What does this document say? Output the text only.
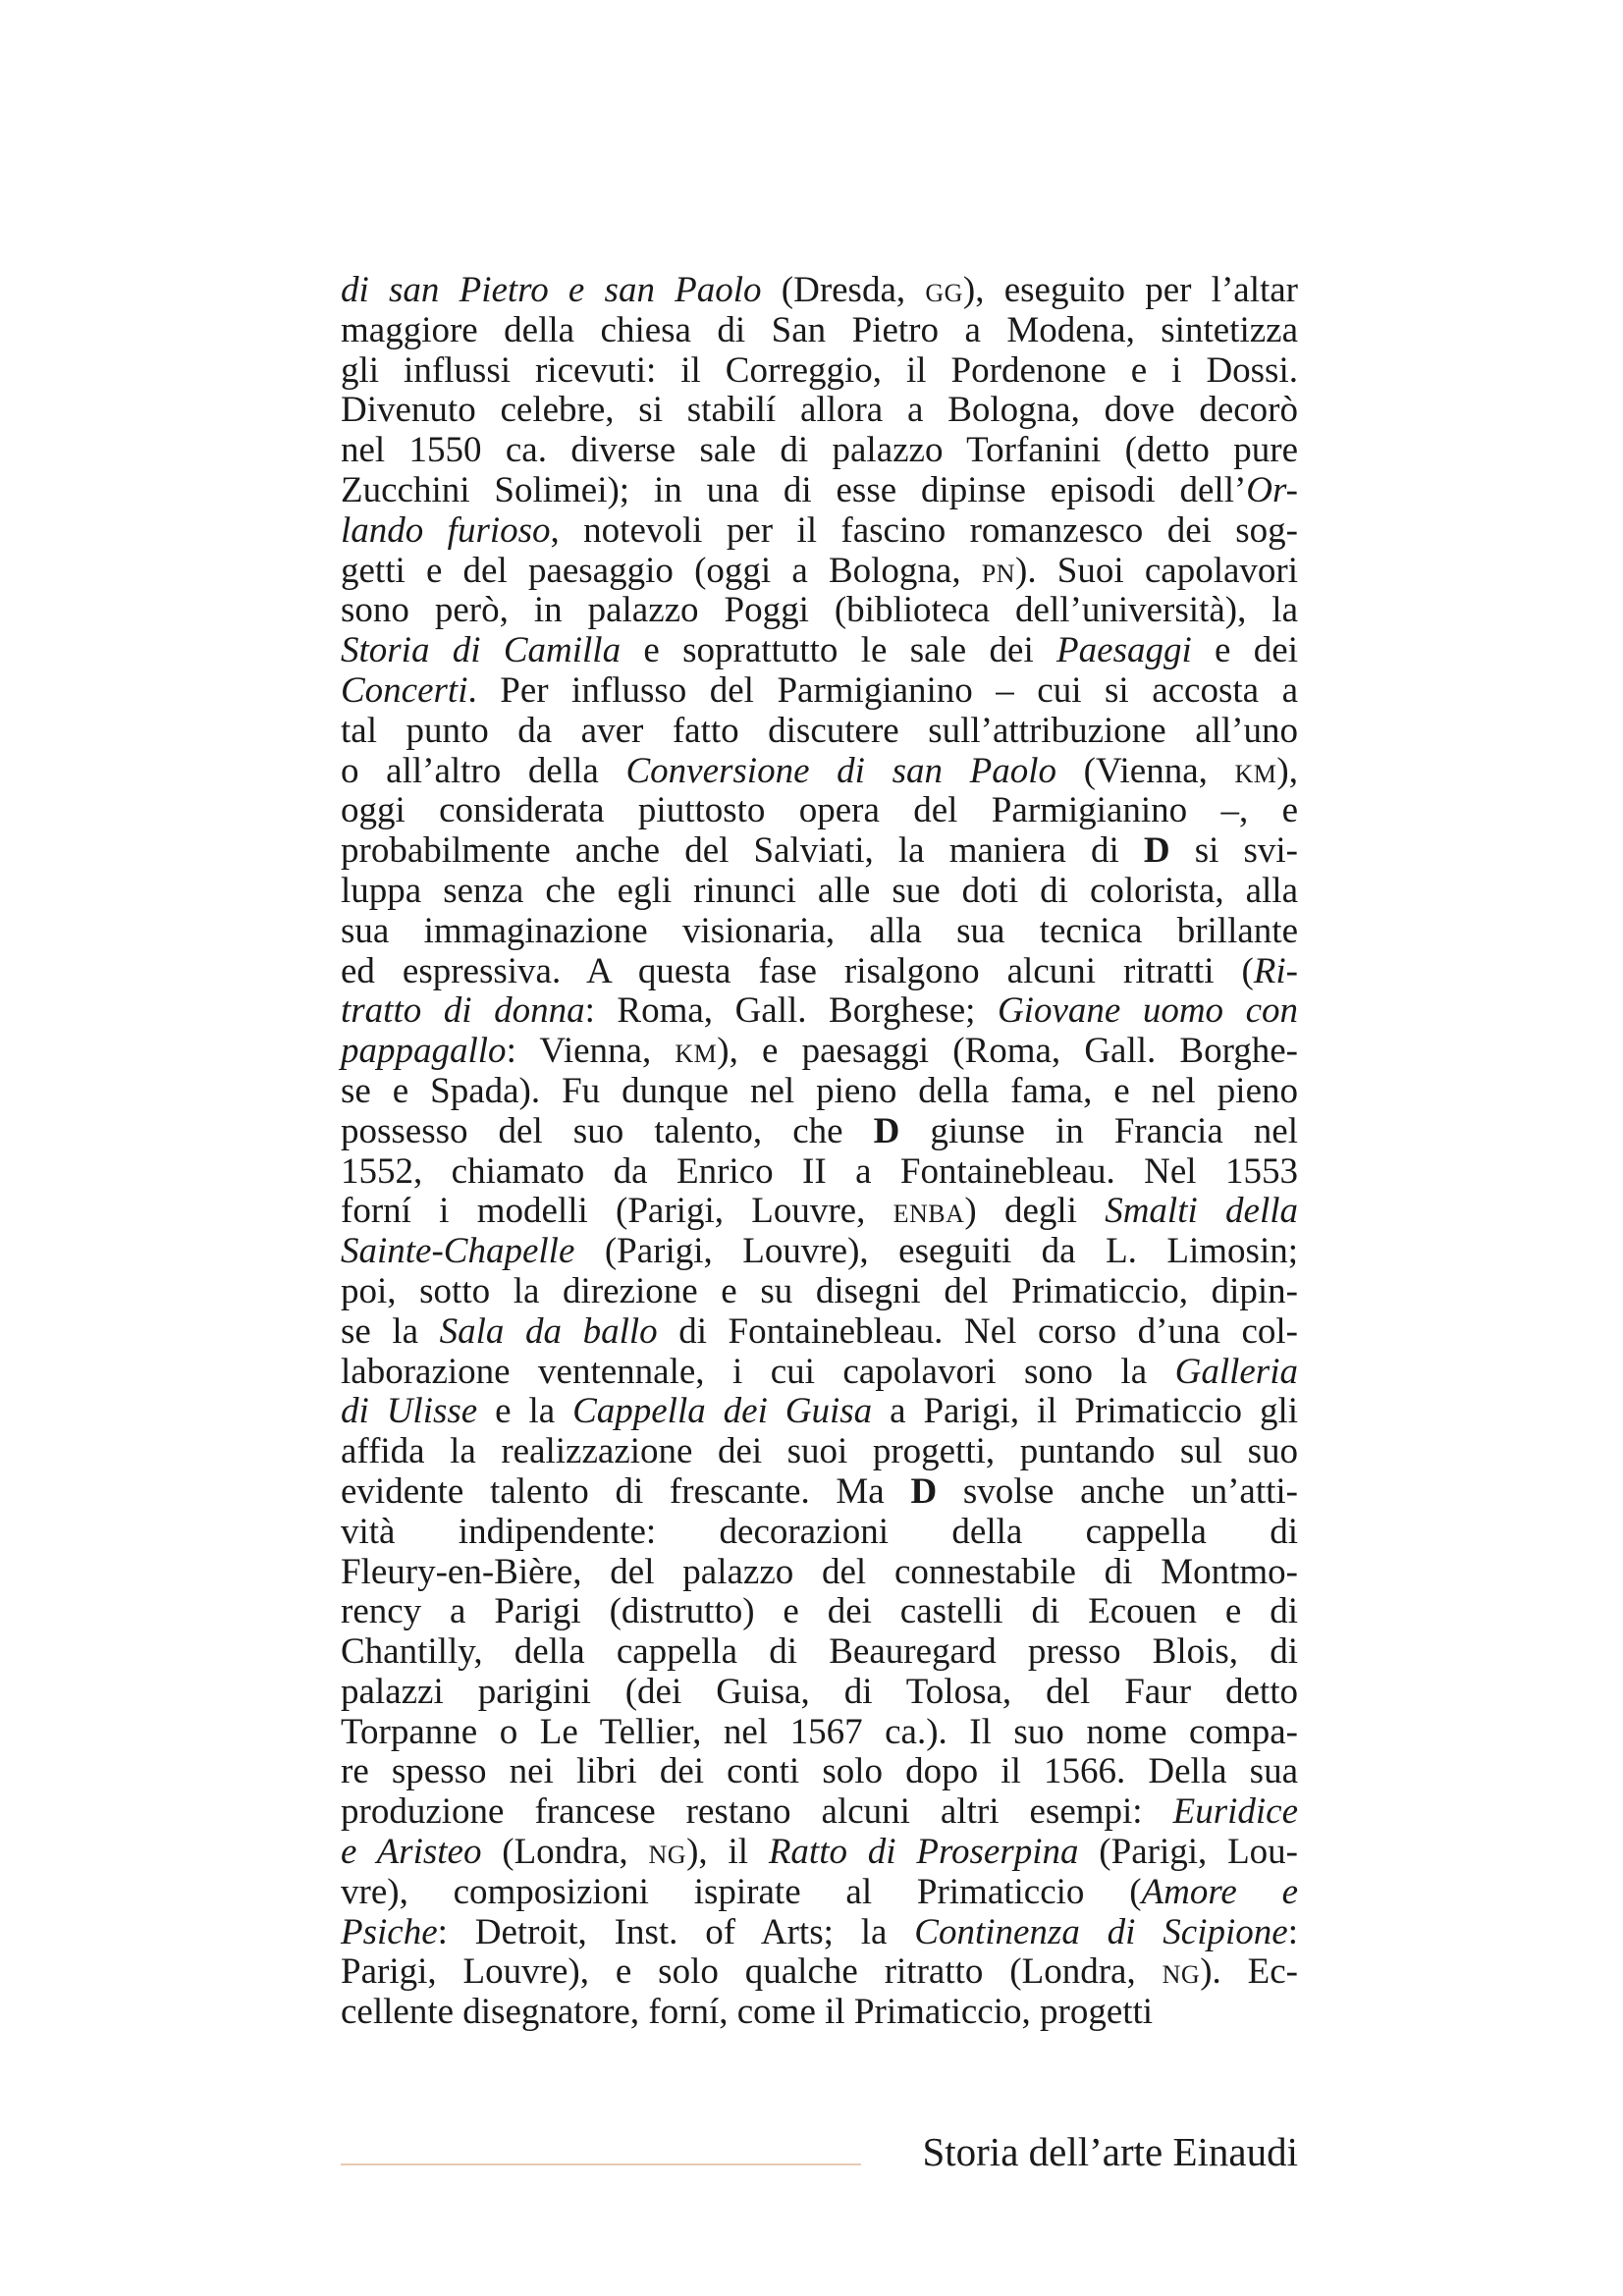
di san Pietro e san Paolo (Dresda, gg), eseguito per l’altar
maggiore della chiesa di San Pietro a Modena, sintetizza
gli influssi ricevuti: il Correggio, il Pordenone e i Dossi.
Divenuto celebre, si stabilí allora a Bologna, dove decorò
nel 1550 ca. diverse sale di palazzo Torfanini (detto pure
Zucchini Solimei); in una di esse dipinse episodi dell’Or-
lando furioso, notevoli per il fascino romanzesco dei sog-
getti e del paesaggio (oggi a Bologna, pn). Suoi capolavori
sono però, in palazzo Poggi (biblioteca dell’università), la
Storia di Camilla e soprattutto le sale dei Paesaggi e dei
Concerti. Per influsso del Parmigianino – cui si accosta a
tal punto da aver fatto discutere sull’attribuzione all’uno
o all’altro della Conversione di san Paolo (Vienna, km),
oggi considerata piuttosto opera del Parmigianino –, e
probabilmente anche del Salviati, la maniera di D si svi-
luppa senza che egli rinunci alle sue doti di colorista, alla
sua immaginazione visionaria, alla sua tecnica brillante
ed espressiva. A questa fase risalgono alcuni ritratti (Ri-
tratto di donna: Roma, Gall. Borghese; Giovane uomo con
pappagallo: Vienna, km), e paesaggi (Roma, Gall. Borghe-
se e Spada). Fu dunque nel pieno della fama, e nel pieno
possesso del suo talento, che D giunse in Francia nel
1552, chiamato da Enrico II a Fontainebleau. Nel 1553
forní i modelli (Parigi, Louvre, enba) degli Smalti della
Sainte-Chapelle (Parigi, Louvre), eseguiti da L. Limosin;
poi, sotto la direzione e su disegni del Primaticcio, dipin-
se la Sala da ballo di Fontainebleau. Nel corso d’una col-
laborazione ventennale, i cui capolavori sono la Galleria
di Ulisse e la Cappella dei Guisa a Parigi, il Primaticcio gli
affida la realizzazione dei suoi progetti, puntando sul suo
evidente talento di frescante. Ma D svolse anche un’atti-
vità indipendente: decorazioni della cappella di
Fleury-en-Bière, del palazzo del connestabile di Montmo-
rency a Parigi (distrutto) e dei castelli di Ecouen e di
Chantilly, della cappella di Beauregard presso Blois, di
palazzi parigini (dei Guisa, di Tolosa, del Faur detto
Torpanne o Le Tellier, nel 1567 ca.). Il suo nome compa-
re spesso nei libri dei conti solo dopo il 1566. Della sua
produzione francese restano alcuni altri esempi: Euridice
e Aristeo (Londra, ng), il Ratto di Proserpina (Parigi, Lou-
vre), composizioni ispirate al Primaticcio (Amore e
Psiche: Detroit, Inst. of Arts; la Continenza di Scipione:
Parigi, Louvre), e solo qualche ritratto (Londra, ng). Ec-
cellente disegnatore, forní, come il Primaticcio, progetti
Storia dell’arte Einaudi
